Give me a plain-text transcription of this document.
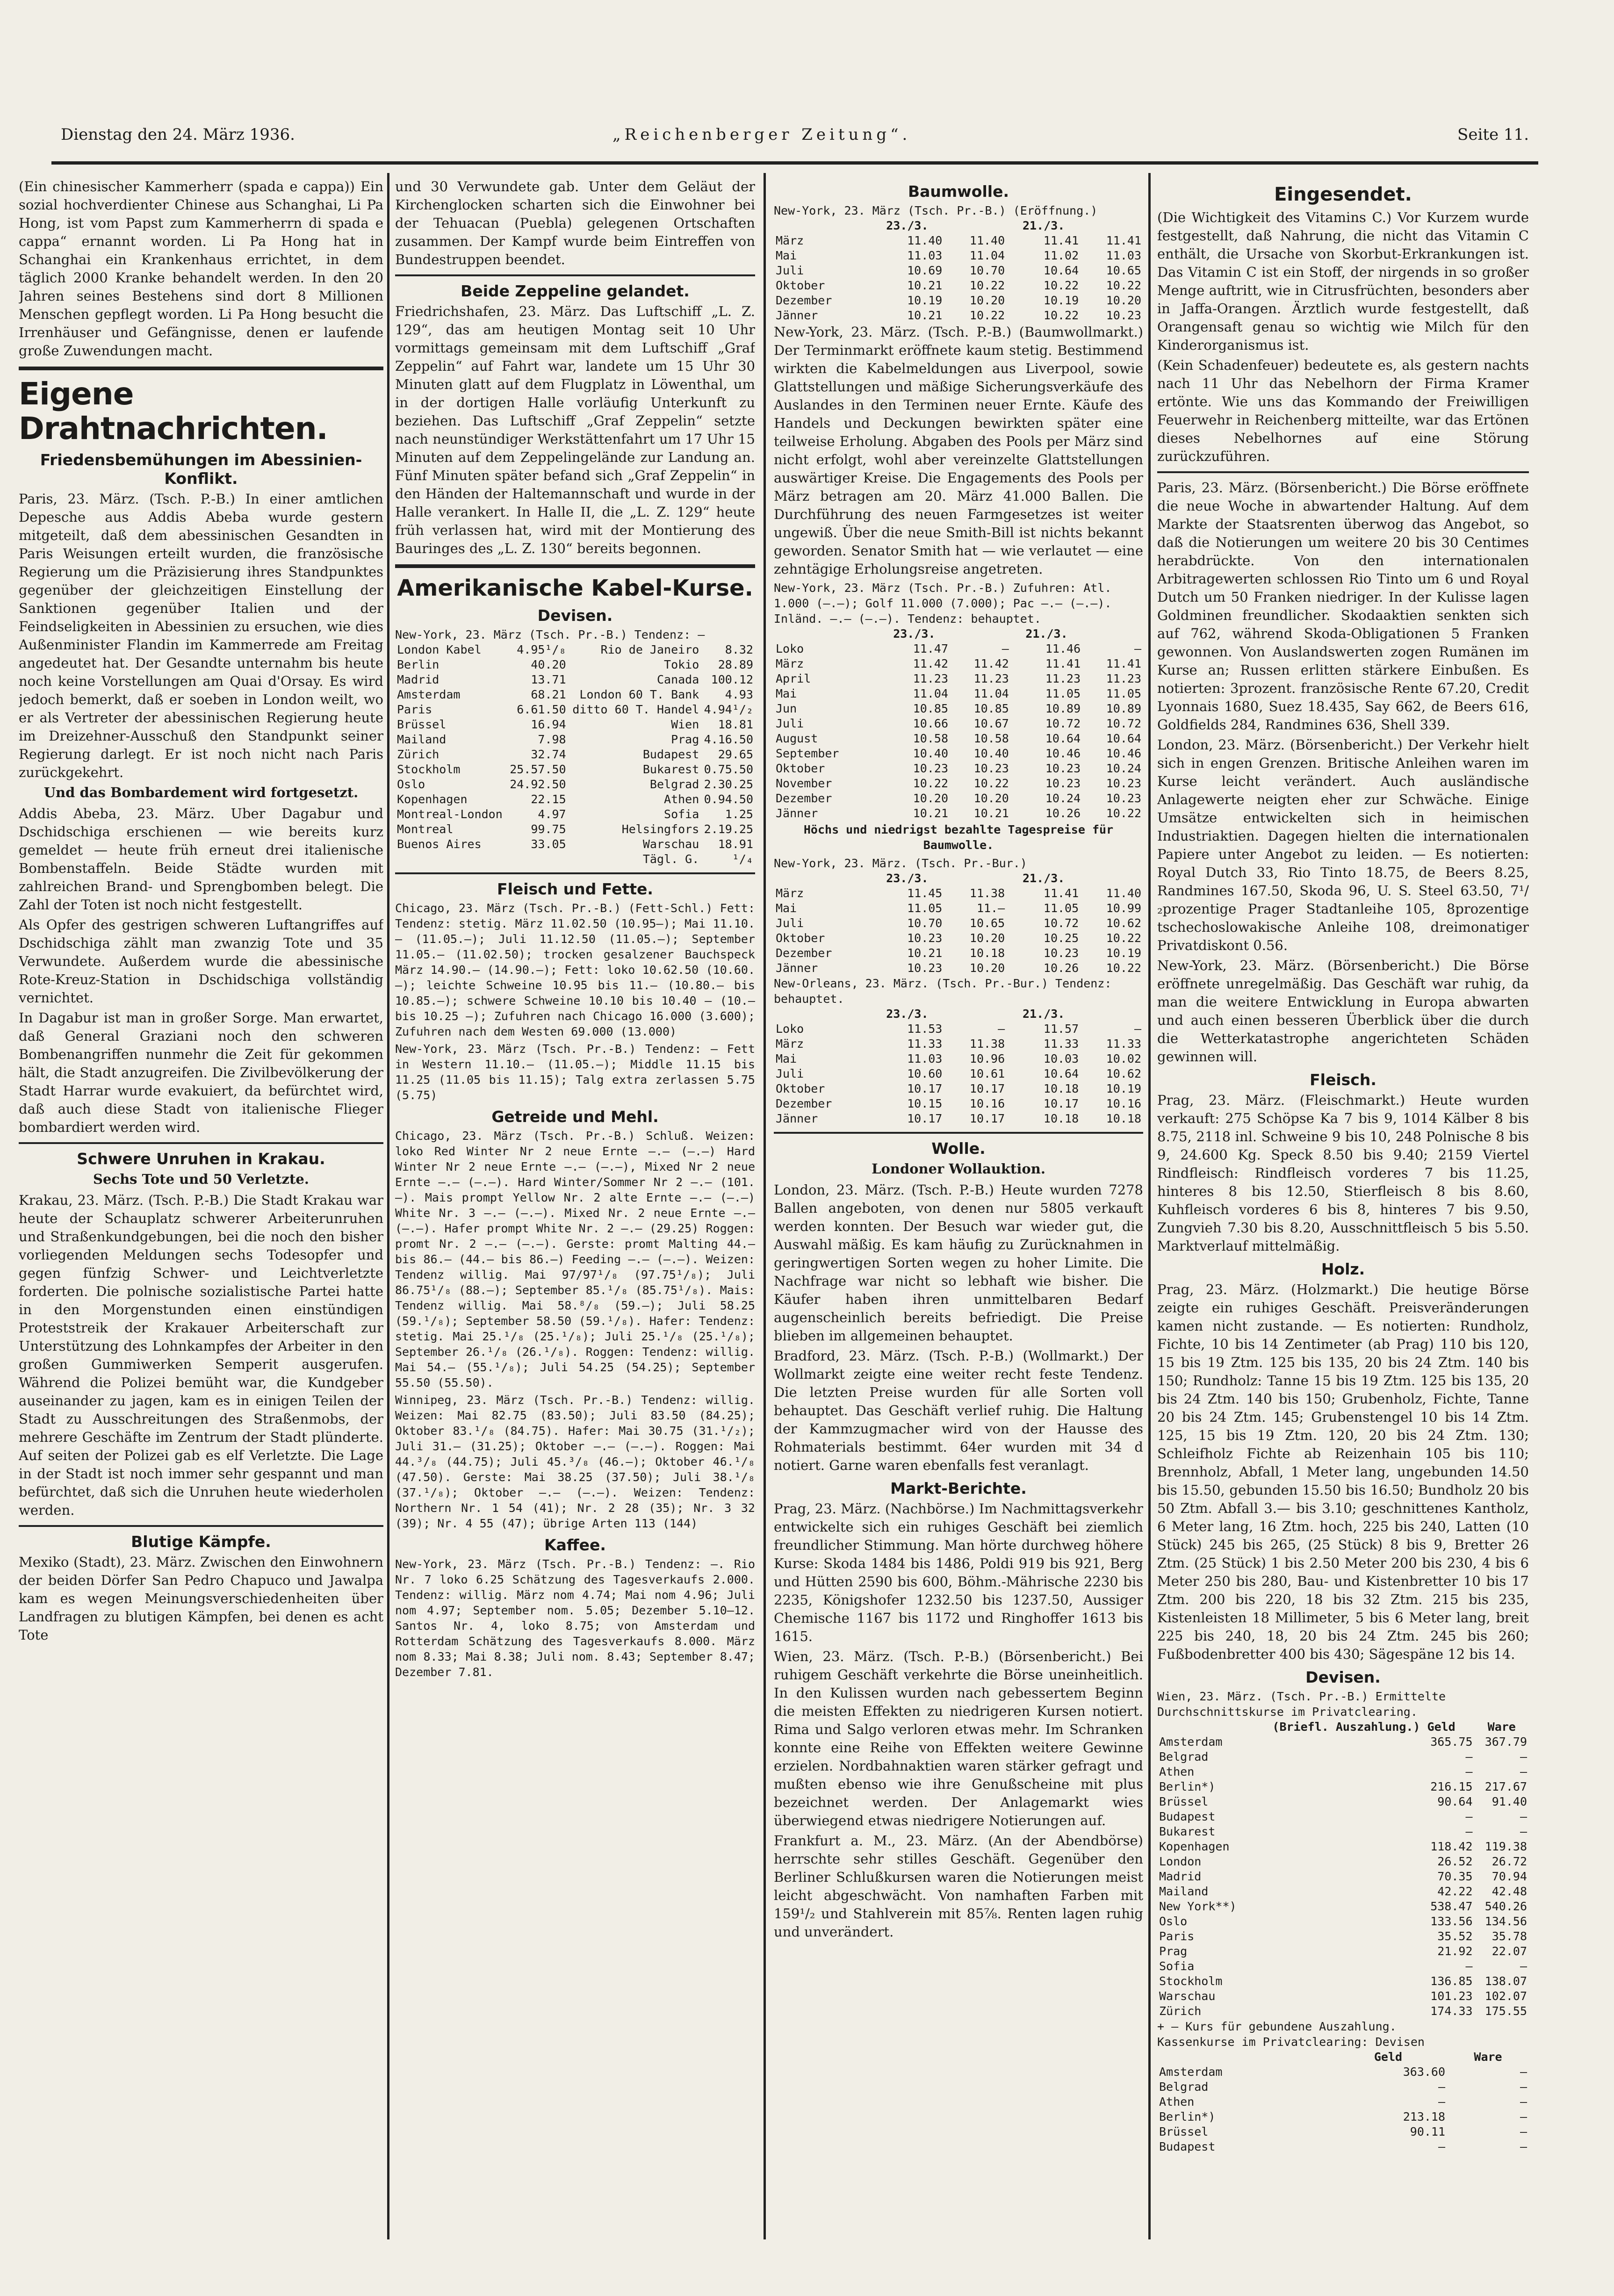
Dienstag den 24. März 1936.	„Reichenberger Zeitung“.	Seite 11.

(Ein chinesischer Kammerherr (spada e cappa)) Ein sozial hochverdienter Chinese aus Schanghai, Li Pa Hong, ist vom Papst zum Kammerherrn di spada e cappa“ ernannt worden. Li Pa Hong hat in Schanghai ein Krankenhaus errichtet, in dem täglich 2000 Kranke behandelt werden. In den 20 Jahren seines Bestehens sind dort 8 Millionen Menschen gepflegt worden. Li Pa Hong besucht die Irrenhäuser und Gefängnisse, denen er laufende große Zuwendungen macht.

Eigene Drahtnachrichten.
Friedensbemühungen im Abessinien-Konflikt.

Paris, 23. März. (Tsch. P.-B.) In einer amtlichen Depesche aus Addis Abeba wurde gestern mitgeteilt, daß dem abessinischen Gesandten in Paris Weisungen erteilt wurden, die französische Regierung um die Präzisierung ihres Standpunktes gegenüber der gleichzeitigen Einstellung der Sanktionen gegenüber Italien und der Feindseligkeiten in Abessinien zu ersuchen, wie dies Außenminister Flandin im Kammerrede am Freitag angedeutet hat. Der Gesandte unternahm bis heute noch keine Vorstellungen am Quai d'Orsay. Es wird jedoch bemerkt, daß er soeben in London weilt, wo er als Vertreter der abessinischen Regierung heute im Dreizehner-Ausschuß den Standpunkt seiner Regierung darlegt. Er ist noch nicht nach Paris zurückgekehrt.

Und das Bombardement wird fortgesetzt.

Addis Abeba, 23. März. Uber Dagabur und Dschidschiga erschienen — wie bereits kurz gemeldet — heute früh erneut drei italienische Bombenstaffeln. Beide Städte wurden mit zahlreichen Brand- und Sprengbomben belegt. Die Zahl der Toten ist noch nicht festgestellt.

Als Opfer des gestrigen schweren Luftangriffes auf Dschidschiga zählt man zwanzig Tote und 35 Verwundete. Außerdem wurde die abessinische Rote-Kreuz-Station in Dschidschiga vollständig vernichtet.

In Dagabur ist man in großer Sorge. Man erwartet, daß General Graziani noch den schweren Bombenangriffen nunmehr die Zeit für gekommen hält, die Stadt anzugreifen. Die Zivilbevölkerung der Stadt Harrar wurde evakuiert, da befürchtet wird, daß auch diese Stadt von italienische Flieger bombardiert werden wird.

Schwere Unruhen in Krakau.
Sechs Tote und 50 Verletzte.

Krakau, 23. März. (Tsch. P.-B.) Die Stadt Krakau war heute der Schauplatz schwerer Arbeiterunruhen und Straßenkundgebungen, bei die noch den bisher vorliegenden Meldungen sechs Todesopfer und gegen fünfzig Schwer- und Leichtverletzte forderten. Die polnische sozialistische Partei hatte in den Morgenstunden einen einstündigen Proteststreik der Krakauer Arbeiterschaft zur Unterstützung des Lohnkampfes der Arbeiter in den großen Gummiwerken Semperit ausgerufen. Während die Polizei bemüht war, die Kundgeber auseinander zu jagen, kam es in einigen Teilen der Stadt zu Ausschreitungen des Straßenmobs, der mehrere Geschäfte im Zentrum der Stadt plünderte. Auf seiten der Polizei gab es elf Verletzte. Die Lage in der Stadt ist noch immer sehr gespannt und man befürchtet, daß sich die Unruhen heute wiederholen werden.

Blutige Kämpfe.

Mexiko (Stadt), 23. März. Zwischen den Einwohnern der beiden Dörfer San Pedro Chapuco und Jawalpa kam es wegen Meinungsverschiedenheiten über Landfragen zu blutigen Kämpfen, bei denen es acht Tote

und 30 Verwundete gab. Unter dem Geläut der Kirchenglocken scharten sich die Einwohner bei der Tehuacan (Puebla) gelegenen Ortschaften zusammen. Der Kampf wurde beim Eintreffen von Bundestruppen beendet.

Beide Zeppeline gelandet.

Friedrichshafen, 23. März. Das Luftschiff „L. Z. 129“, das am heutigen Montag seit 10 Uhr vormittags gemeinsam mit dem Luftschiff „Graf Zeppelin“ auf Fahrt war, landete um 15 Uhr 30 Minuten glatt auf dem Flugplatz in Löwenthal, um in der dortigen Halle vorläufig Unterkunft zu beziehen. Das Luftschiff „Graf Zeppelin“ setzte nach neunstündiger Werkstättenfahrt um 17 Uhr 15 Minuten auf dem Zeppelingelände zur Landung an. Fünf Minuten später befand sich „Graf Zeppelin“ in den Händen der Haltemannschaft und wurde in der Halle verankert. In Halle II, die „L. Z. 129“ heute früh verlassen hat, wird mit der Montierung des Bauringes des „L. Z. 130“ bereits begonnen.

Amerikanische Kabel-Kurse.
Devisen.
New-York, 23. März (Tsch. Pr.-B.) Tendenz: —
London Kabel	4.95¹/₈	Rio de Janeiro	8.32
Berlin	40.20	Tokio	28.89
Madrid	13.71	Canada	100.12
Amsterdam	68.21	London 60 T. Bank	4.93
Paris	6.61.50	ditto 60 T. Handel	4.94¹/₂
Brüssel	16.94	Wien	18.81
Mailand	7.98	Prag	4.16.50
Zürich	32.74	Budapest	29.65
Stockholm	25.57.50	Bukarest	0.75.50
Oslo	24.92.50	Belgrad	2.30.25
Kopenhagen	22.15	Athen	0.94.50
Montreal-London	4.97	Sofia	1.25
Montreal	99.75	Helsingfors	2.19.25
Buenos Aires	33.05	Warschau	18.91
		Tägl. G.	¹/₄
Fleisch und Fette.

Chicago, 23. März (Tsch. Pr.-B.) (Fett-Schl.) Fett: Tendenz: stetig. März 11.02.50 (10.95—); Mai 11.10.— (11.05.—); Juli 11.12.50 (11.05.—); September 11.05.— (11.02.50); trocken gesalzener Bauchspeck März 14.90.— (14.90.—); Fett: loko 10.62.50 (10.60.—); leichte Schweine 10.95 bis 11.— (10.80.— bis 10.85.—); schwere Schweine 10.10 bis 10.40 — (10.— bis 10.25 —); Zufuhren nach Chicago 16.000 (3.600); Zufuhren nach dem Westen 69.000 (13.000)

New-York, 23. März (Tsch. Pr.-B.) Tendenz: — Fett in Western 11.10.— (11.05.—); Middle 11.15 bis 11.25 (11.05 bis 11.15); Talg extra zerlassen 5.75 (5.75)

Getreide und Mehl.

Chicago, 23. März (Tsch. Pr.-B.) Schluß. Weizen: loko Red Winter Nr 2 neue Ernte —.— (—.—) Hard Winter Nr 2 neue Ernte —.— (—.—), Mixed Nr 2 neue Ernte —.— (—.—). Hard Winter/Sommer Nr 2 —.— (101.—). Mais prompt Yellow Nr. 2 alte Ernte —.— (—.—) White Nr. 3 —.— (—.—). Mixed Nr. 2 neue Ernte —.— (—.—). Hafer prompt White Nr. 2 —.— (29.25) Roggen: promt Nr. 2 —.— (—.—). Gerste: promt Malting 44.— bis 86.— (44.— bis 86.—) Feeding —.— (—.—). Weizen: Tendenz willig. Mai 97/97¹/₈ (97.75¹/₈); Juli 86.75¹/₈ (88.—); September 85.¹/₈ (85.75¹/₈). Mais: Tendenz willig. Mai 58.⁸/₈ (59.—); Juli 58.25 (59.¹/₈); September 58.50 (59.¹/₈). Hafer: Tendenz: stetig. Mai 25.¹/₈ (25.¹/₈); Juli 25.¹/₈ (25.¹/₈); September 26.¹/₈ (26.¹/₈). Roggen: Tendenz: willig. Mai 54.— (55.¹/₈); Juli 54.25 (54.25); September 55.50 (55.50).

Winnipeg, 23. März (Tsch. Pr.-B.) Tendenz: willig. Weizen: Mai 82.75 (83.50); Juli 83.50 (84.25); Oktober 83.¹/₈ (84.75). Hafer: Mai 30.75 (31.¹/₂); Juli 31.— (31.25); Oktober —.— (—.—). Roggen: Mai 44.³/₈ (44.75); Juli 45.³/₈ (46.—); Oktober 46.¹/₈ (47.50). Gerste: Mai 38.25 (37.50); Juli 38.¹/₈ (37.¹/₈); Oktober —.— (—.—). Weizen: Tendenz: Northern Nr. 1 54 (41); Nr. 2 28 (35); Nr. 3 32 (39); Nr. 4 55 (47); übrige Arten 113 (144)

Kaffee.

New-York, 23. März (Tsch. Pr.-B.) Tendenz: —. Rio Nr. 7 loko 6.25 Schätzung des Tagesverkaufs 2.000. Tendenz: willig. März nom 4.74; Mai nom 4.96; Juli nom 4.97; September nom. 5.05; Dezember 5.10—12. Santos Nr. 4, loko 8.75; von Amsterdam und Rotterdam Schätzung des Tagesverkaufs 8.000. März nom 8.33; Mai 8.38; Juli nom. 8.43; September 8.47; Dezember 7.81.

Baumwolle.
New-York, 23. März (Tsch. Pr.-B.) (Eröffnung.)
	23./3.		21./3.	
März	11.40	11.40	11.41	11.41
Mai	11.03	11.04	11.02	11.03
Juli	10.69	10.70	10.64	10.65
Oktober	10.21	10.22	10.22	10.22
Dezember	10.19	10.20	10.19	10.20
Jänner	10.21	10.22	10.22	10.23

New-York, 23. März. (Tsch. P.-B.) (Baumwollmarkt.) Der Terminmarkt eröffnete kaum stetig. Bestimmend wirkten die Kabelmeldungen aus Liverpool, sowie Glattstellungen und mäßige Sicherungsverkäufe des Auslandes in den Terminen neuer Ernte. Käufe des Handels und Deckungen bewirkten später eine teilweise Erholung. Abgaben des Pools per März sind nicht erfolgt, wohl aber vereinzelte Glattstellungen auswärtiger Kreise. Die Engagements des Pools per März betragen am 20. März 41.000 Ballen. Die Durchführung des neuen Farmgesetzes ist weiter ungewiß. Über die neue Smith-Bill ist nichts bekannt geworden. Senator Smith hat — wie verlautet — eine zehntägige Erholungsreise angetreten.

New-York, 23. März (Tsch. Pr.-B.) Zufuhren: Atl. 1.000 (—.—); Golf 11.000 (7.000); Pac —.— (—.—). Inländ. —.— (—.—). Tendenz: behauptet.
	23./3.		21./3.	
Loko	11.47	—	11.46	—
März	11.42	11.42	11.41	11.41
April	11.23	11.23	11.23	11.23
Mai	11.04	11.04	11.05	11.05
Jun	10.85	10.85	10.89	10.89
Juli	10.66	10.67	10.72	10.72
August	10.58	10.58	10.64	10.64
September	10.40	10.40	10.46	10.46
Oktober	10.23	10.23	10.23	10.24
November	10.22	10.22	10.23	10.23
Dezember	10.20	10.20	10.24	10.23
Jänner	10.21	10.21	10.26	10.22
Höchs und niedrigst bezahlte Tagespreise für Baumwolle.
New-York, 23. März. (Tsch. Pr.-Bur.)
	23./3.		21./3.	
März	11.45	11.38	11.41	11.40
Mai	11.05	11.—	11.05	10.99
Juli	10.70	10.65	10.72	10.62
Oktober	10.23	10.20	10.25	10.22
Dezember	10.21	10.18	10.23	10.19
Jänner	10.23	10.20	10.26	10.22
New-Orleans, 23. März. (Tsch. Pr.-Bur.) Tendenz: behauptet.
	23./3.		21./3.	
Loko	11.53	—	11.57	—
März	11.33	11.38	11.33	11.33
Mai	11.03	10.96	10.03	10.02
Juli	10.60	10.61	10.64	10.62
Oktober	10.17	10.17	10.18	10.19
Dezember	10.15	10.16	10.17	10.16
Jänner	10.17	10.17	10.18	10.18
Wolle.
Londoner Wollauktion.

London, 23. März. (Tsch. P.-B.) Heute wurden 7278 Ballen angeboten, von denen nur 5805 verkauft werden konnten. Der Besuch war wieder gut, die Auswahl mäßig. Es kam häufig zu Zurücknahmen in geringwertigen Sorten wegen zu hoher Limite. Die Nachfrage war nicht so lebhaft wie bisher. Die Käufer haben ihren unmittelbaren Bedarf augenscheinlich bereits befriedigt. Die Preise blieben im allgemeinen behauptet.

Bradford, 23. März. (Tsch. P.-B.) (Wollmarkt.) Der Wollmarkt zeigte eine weiter recht feste Tendenz. Die letzten Preise wurden für alle Sorten voll behauptet. Das Geschäft verlief ruhig. Die Haltung der Kammzugmacher wird von der Hausse des Rohmaterials bestimmt. 64er wurden mit 34 d notiert. Garne waren ebenfalls fest veranlagt.

Markt-Berichte.

Prag, 23. März. (Nachbörse.) Im Nachmittagsverkehr entwickelte sich ein ruhiges Geschäft bei ziemlich freundlicher Stimmung. Man hörte durchweg höhere Kurse: Skoda 1484 bis 1486, Poldi 919 bis 921, Berg und Hütten 2590 bis 600, Böhm.-Mährische 2230 bis 2235, Königshofer 1232.50 bis 1237.50, Aussiger Chemische 1167 bis 1172 und Ringhoffer 1613 bis 1615.

Wien, 23. März. (Tsch. P.-B.) (Börsenbericht.) Bei ruhigem Geschäft verkehrte die Börse uneinheitlich. In den Kulissen wurden nach gebessertem Beginn die meisten Effekten zu niedrigeren Kursen notiert. Rima und Salgo verloren etwas mehr. Im Schranken konnte eine Reihe von Effekten weitere Gewinne erzielen. Nordbahnaktien waren stärker gefragt und mußten ebenso wie ihre Genußscheine mit plus bezeichnet werden. Der Anlagemarkt wies überwiegend etwas niedrigere Notierungen auf.

Frankfurt a. M., 23. März. (An der Abendbörse) herrschte sehr stilles Geschäft. Gegenüber den Berliner Schlußkursen waren die Notierungen meist leicht abgeschwächt. Von namhaften Farben mit 159¹/₂ und Stahlverein mit 85⅞. Renten lagen ruhig und unverändert.

Eingesendet.

(Die Wichtigkeit des Vitamins C.) Vor Kurzem wurde festgestellt, daß Nahrung, die nicht das Vitamin C enthält, die Ursache von Skorbut-Erkrankungen ist. Das Vitamin C ist ein Stoff, der nirgends in so großer Menge auftritt, wie in Citrusfrüchten, besonders aber in Jaffa-Orangen. Ärztlich wurde festgestellt, daß Orangensaft genau so wichtig wie Milch für den Kinderorganismus ist.

(Kein Schadenfeuer) bedeutete es, als gestern nachts nach 11 Uhr das Nebelhorn der Firma Kramer ertönte. Wie uns das Kommando der Freiwilligen Feuerwehr in Reichenberg mitteilte, war das Ertönen dieses Nebelhornes auf eine Störung zurückzuführen.

Paris, 23. März. (Börsenbericht.) Die Börse eröffnete die neue Woche in abwartender Haltung. Auf dem Markte der Staatsrenten überwog das Angebot, so daß die Notierungen um weitere 20 bis 30 Centimes herabdrückte. Von den internationalen Arbitragewerten schlossen Rio Tinto um 6 und Royal Dutch um 50 Franken niedriger. In der Kulisse lagen Goldminen freundlicher. Skodaaktien senkten sich auf 762, während Skoda-Obligationen 5 Franken gewonnen. Von Auslandswerten zogen Rumänen im Kurse an; Russen erlitten stärkere Einbußen. Es notierten: 3prozent. französische Rente 67.20, Credit Lyonnais 1680, Suez 18.435, Say 662, de Beers 616, Goldfields 284, Randmines 636, Shell 339.

London, 23. März. (Börsenbericht.) Der Verkehr hielt sich in engen Grenzen. Britische Anleihen waren im Kurse leicht verändert. Auch ausländische Anlagewerte neigten eher zur Schwäche. Einige Umsätze entwickelten sich in heimischen Industriaktien. Dagegen hielten die internationalen Papiere unter Angebot zu leiden. — Es notierten: Royal Dutch 33, Rio Tinto 18.75, de Beers 8.25, Randmines 167.50, Skoda 96, U. S. Steel 63.50, 7¹/₂prozentige Prager Stadtanleihe 105, 8prozentige tschechoslowakische Anleihe 108, dreimonatiger Privatdiskont 0.56.

New-York, 23. März. (Börsenbericht.) Die Börse eröffnete unregelmäßig. Das Geschäft war ruhig, da man die weitere Entwicklung in Europa abwarten und auch einen besseren Überblick über die durch die Wetterkatastrophe angerichteten Schäden gewinnen will.

Fleisch.

Prag, 23. März. (Fleischmarkt.) Heute wurden verkauft: 275 Schöpse Ka 7 bis 9, 1014 Kälber 8 bis 8.75, 2118 inl. Schweine 9 bis 10, 248 Polnische 8 bis 9, 24.600 Kg. Speck 8.50 bis 9.40; 2159 Viertel Rindfleisch: Rindfleisch vorderes 7 bis 11.25, hinteres 8 bis 12.50, Stierfleisch 8 bis 8.60, Kuhfleisch vorderes 6 bis 8, hinteres 7 bis 9.50, Zungvieh 7.30 bis 8.20, Ausschnittfleisch 5 bis 5.50. Marktverlauf mittelmäßig.

Holz.

Prag, 23. März. (Holzmarkt.) Die heutige Börse zeigte ein ruhiges Geschäft. Preisveränderungen kamen nicht zustande. — Es notierten: Rundholz, Fichte, 10 bis 14 Zentimeter (ab Prag) 110 bis 120, 15 bis 19 Ztm. 125 bis 135, 20 bis 24 Ztm. 140 bis 150; Rundholz: Tanne 15 bis 19 Ztm. 125 bis 135, 20 bis 24 Ztm. 140 bis 150; Grubenholz, Fichte, Tanne 20 bis 24 Ztm. 145; Grubenstengel 10 bis 14 Ztm. 125, 15 bis 19 Ztm. 120, 20 bis 24 Ztm. 130; Schleifholz Fichte ab Reizenhain 105 bis 110; Brennholz, Abfall, 1 Meter lang, ungebunden 14.50 bis 15.50, gebunden 15.50 bis 16.50; Bundholz 20 bis 50 Ztm. Abfall 3.— bis 3.10; geschnittenes Kantholz, 6 Meter lang, 16 Ztm. hoch, 225 bis 240, Latten (10 Stück) 245 bis 265, (25 Stück) 8 bis 9, Bretter 26 Ztm. (25 Stück) 1 bis 2.50 Meter 200 bis 230, 4 bis 6 Meter 250 bis 280, Bau- und Kistenbretter 10 bis 17 Ztm. 200 bis 220, 18 bis 32 Ztm. 215 bis 235, Kistenleisten 18 Millimeter, 5 bis 6 Meter lang, breit 225 bis 240, 18, 20 bis 24 Ztm. 245 bis 260; Fußbodenbretter 400 bis 430; Sägespäne 12 bis 14.

Devisen.
Wien, 23. März. (Tsch. Pr.-B.) Ermittelte Durchschnittskurse im Privatclearing.
	(Briefl. Auszahlung.) Geld	Ware
Amsterdam	365.75	367.79
Belgrad	—	—
Athen	—	—
Berlin*)	216.15	217.67
Brüssel	90.64	91.40
Budapest	—	—
Bukarest	—	—
Kopenhagen	118.42	119.38
London	26.52	26.72
Madrid	70.35	70.94
Mailand	42.22	42.48
New York**)	538.47	540.26
Oslo	133.56	134.56
Paris	35.52	35.78
Prag	21.92	22.07
Sofia	—	—
Stockholm	136.85	138.07
Warschau	101.23	102.07
Zürich	174.33	175.55
+ — Kurs für gebundene Auszahlung.
Kassenkurse im Privatclearing: Devisen
	Geld	Ware
Amsterdam	363.60	—
Belgrad	—	—
Athen	—	—
Berlin*)	213.18	—
Brüssel	90.11	—
Budapest	—	—
